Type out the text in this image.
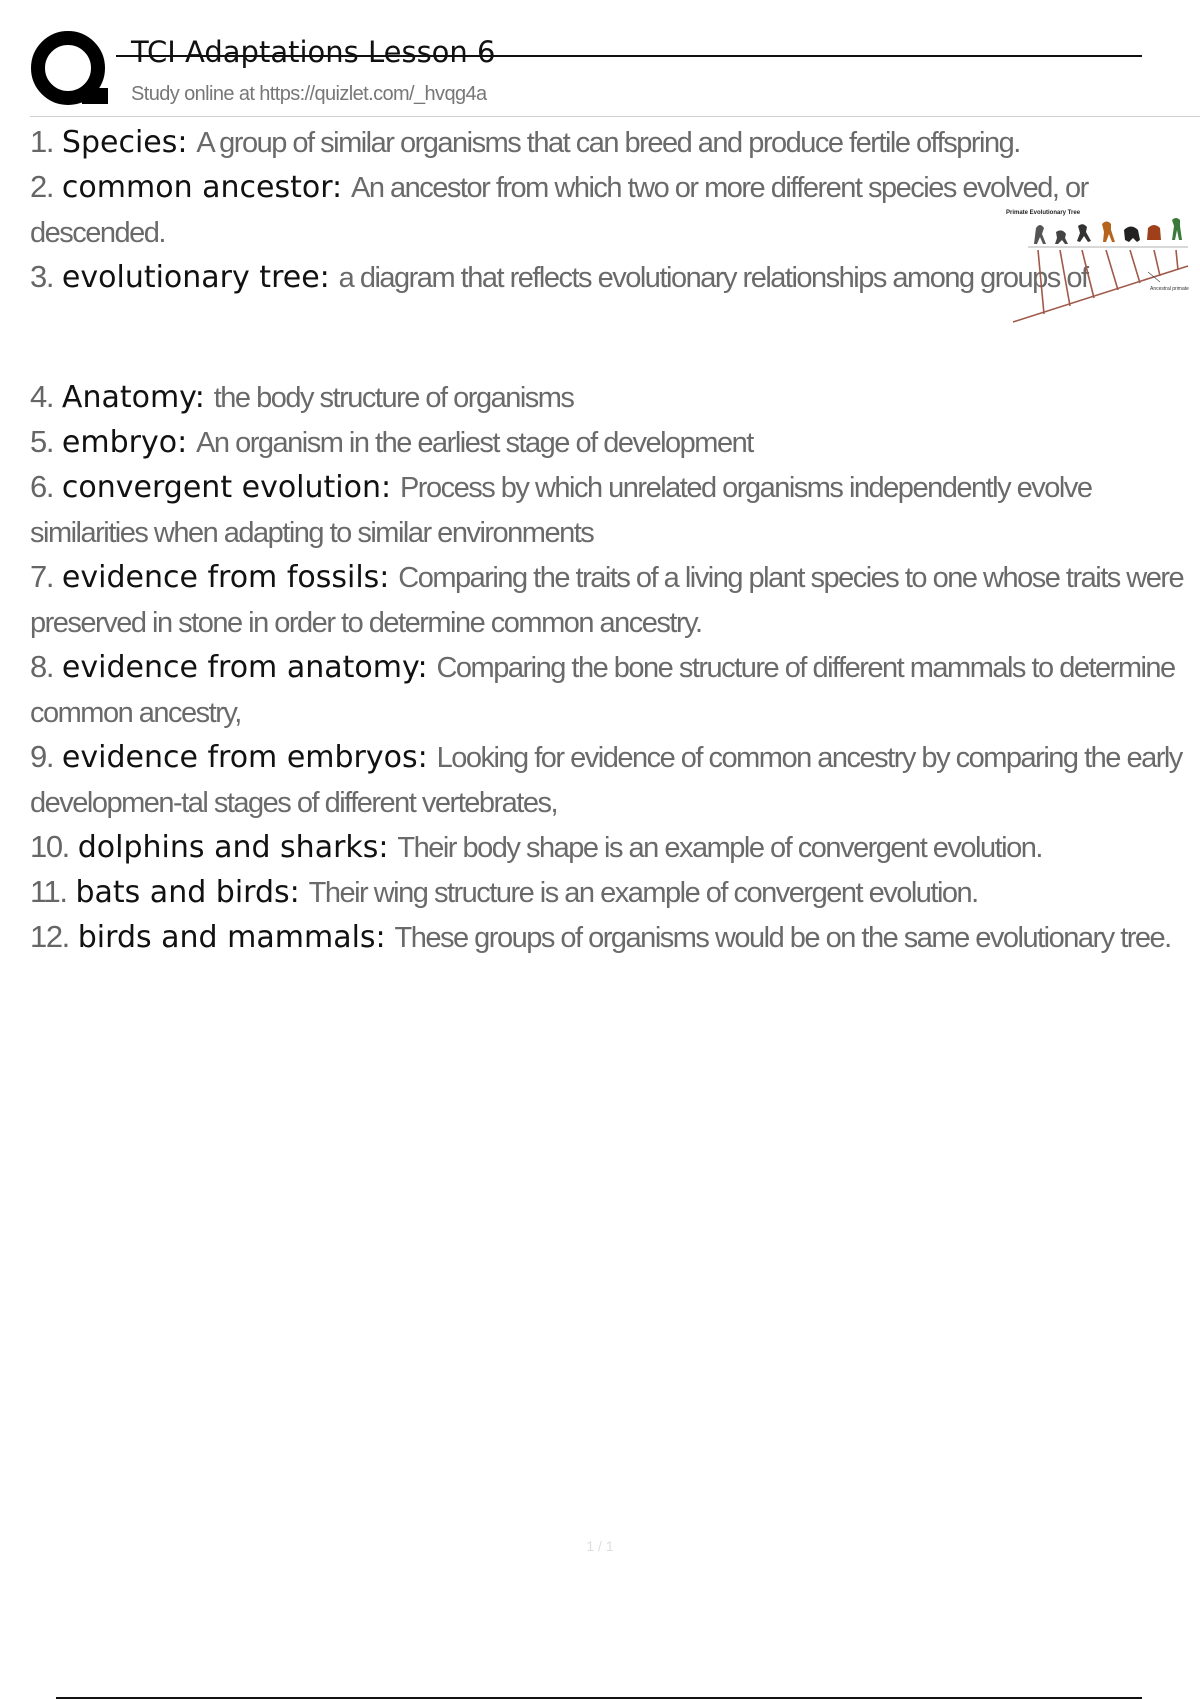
TCI Adaptations Lesson 6
Study online at https://quizlet.com/_hvqg4a
1. Species: A group of similar organisms that can breed and produce fertile offspring.
2. common ancestor: An ancestor from which two or more different species evolved, or descended.
3. evolutionary tree: a diagram that reflects evolutionary relationships among groups of
4. Anatomy: the body structure of organisms
5. embryo: An organism in the earliest stage of development
6. convergent evolution: Process by which unrelated organisms independently evolve similarities when adapting to similar environments
7. evidence from fossils: Comparing the traits of a living plant species to one whose traits were preserved in stone in order to determine common ancestry.
8. evidence from anatomy: Comparing the bone structure of different mammals to determine common ancestry,
9. evidence from embryos: Looking for evidence of common ancestry by comparing the early developmen-tal stages of different vertebrates,
10. dolphins and sharks: Their body shape is an example of convergent evolution.
11. bats and birds: Their wing structure is an example of convergent evolution.
12. birds and mammals: These groups of organisms would be on the same evolutionary tree.
Primate Evolutionary Tree
Ancestral primate
1 / 1
